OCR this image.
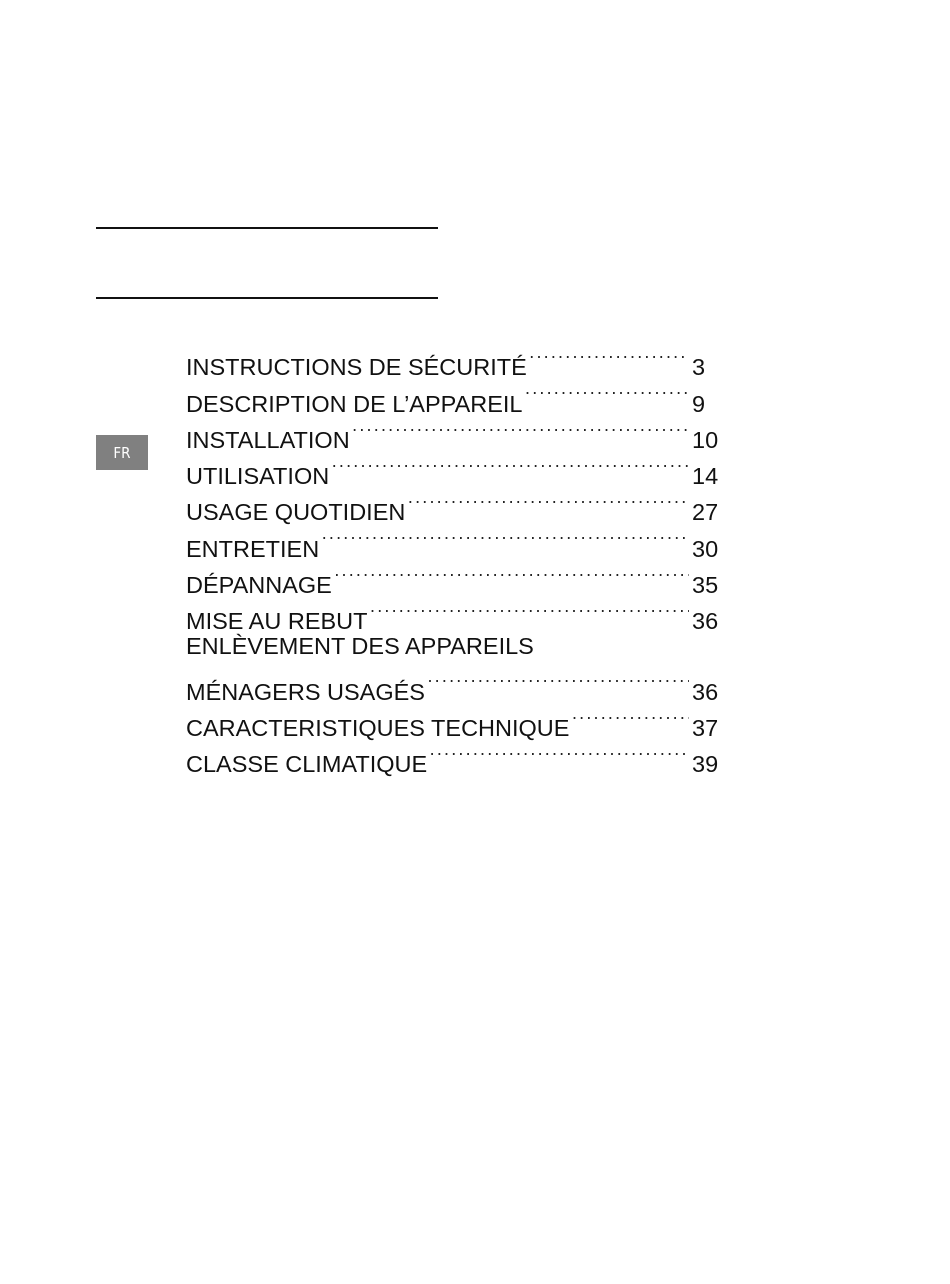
FR
INSTRUCTIONS DE SÉCURITÉ ·····	3
DESCRIPTION DE L’APPAREIL ·····	9
INSTALLATION ·····	10
UTILISATION ·····	14
USAGE QUOTIDIEN ·····	27
ENTRETIEN ·····	30
DÉPANNAGE ·····	35
MISE AU REBUT ·····	36
ENLÈVEMENT DES APPAREILS
MÉNAGERS USAGÉS ·····	36
CARACTERISTIQUES TECHNIQUE ·····	37
CLASSE CLIMATIQUE ·····	39
